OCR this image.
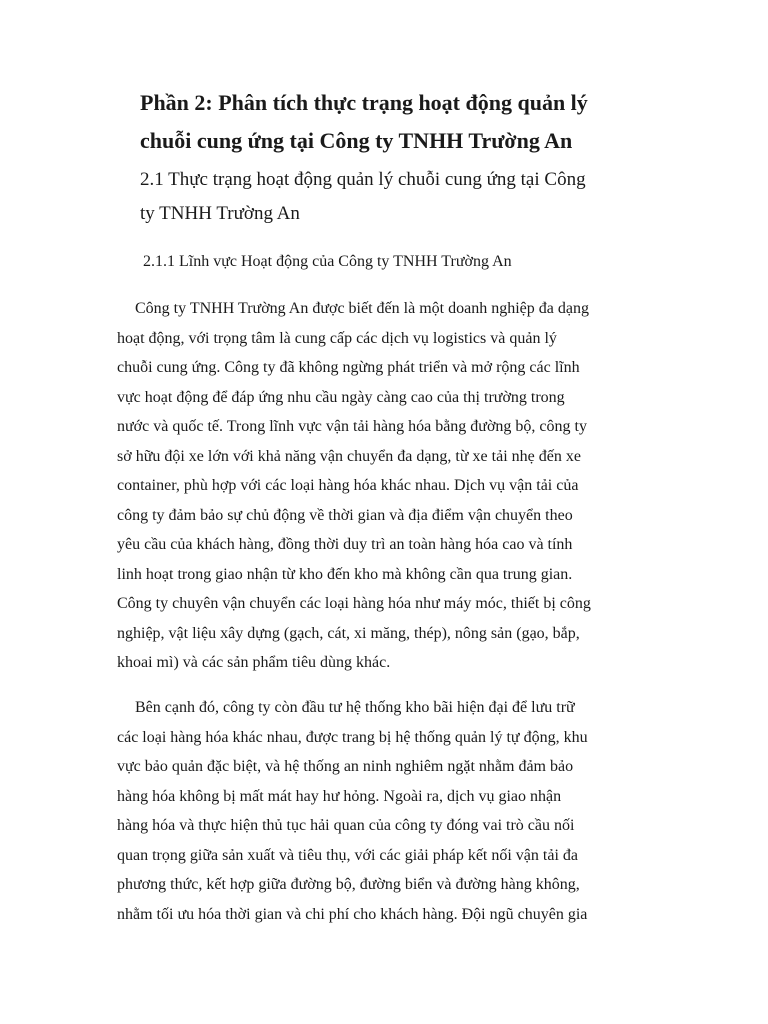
Phần 2: Phân tích thực trạng hoạt động quản lý
chuỗi cung ứng tại Công ty TNHH Trường An
2.1 Thực trạng hoạt động quản lý chuỗi cung ứng tại Công
ty TNHH Trường An
2.1.1 Lĩnh vực Hoạt động của Công ty TNHH Trường An

Công ty TNHH Trường An được biết đến là một doanh nghiệp đa dạng
hoạt động, với trọng tâm là cung cấp các dịch vụ logistics và quản lý
chuỗi cung ứng. Công ty đã không ngừng phát triển và mở rộng các lĩnh
vực hoạt động để đáp ứng nhu cầu ngày càng cao của thị trường trong
nước và quốc tế. Trong lĩnh vực vận tải hàng hóa bằng đường bộ, công ty
sở hữu đội xe lớn với khả năng vận chuyển đa dạng, từ xe tải nhẹ đến xe
container, phù hợp với các loại hàng hóa khác nhau. Dịch vụ vận tải của
công ty đảm bảo sự chủ động về thời gian và địa điểm vận chuyển theo
yêu cầu của khách hàng, đồng thời duy trì an toàn hàng hóa cao và tính
linh hoạt trong giao nhận từ kho đến kho mà không cần qua trung gian.
Công ty chuyên vận chuyển các loại hàng hóa như máy móc, thiết bị công
nghiệp, vật liệu xây dựng (gạch, cát, xi măng, thép), nông sản (gạo, bắp,
khoai mì) và các sản phẩm tiêu dùng khác.

Bên cạnh đó, công ty còn đầu tư hệ thống kho bãi hiện đại để lưu trữ
các loại hàng hóa khác nhau, được trang bị hệ thống quản lý tự động, khu
vực bảo quản đặc biệt, và hệ thống an ninh nghiêm ngặt nhằm đảm bảo
hàng hóa không bị mất mát hay hư hỏng. Ngoài ra, dịch vụ giao nhận
hàng hóa và thực hiện thủ tục hải quan của công ty đóng vai trò cầu nối
quan trọng giữa sản xuất và tiêu thụ, với các giải pháp kết nối vận tải đa
phương thức, kết hợp giữa đường bộ, đường biển và đường hàng không,
nhằm tối ưu hóa thời gian và chi phí cho khách hàng. Đội ngũ chuyên gia
